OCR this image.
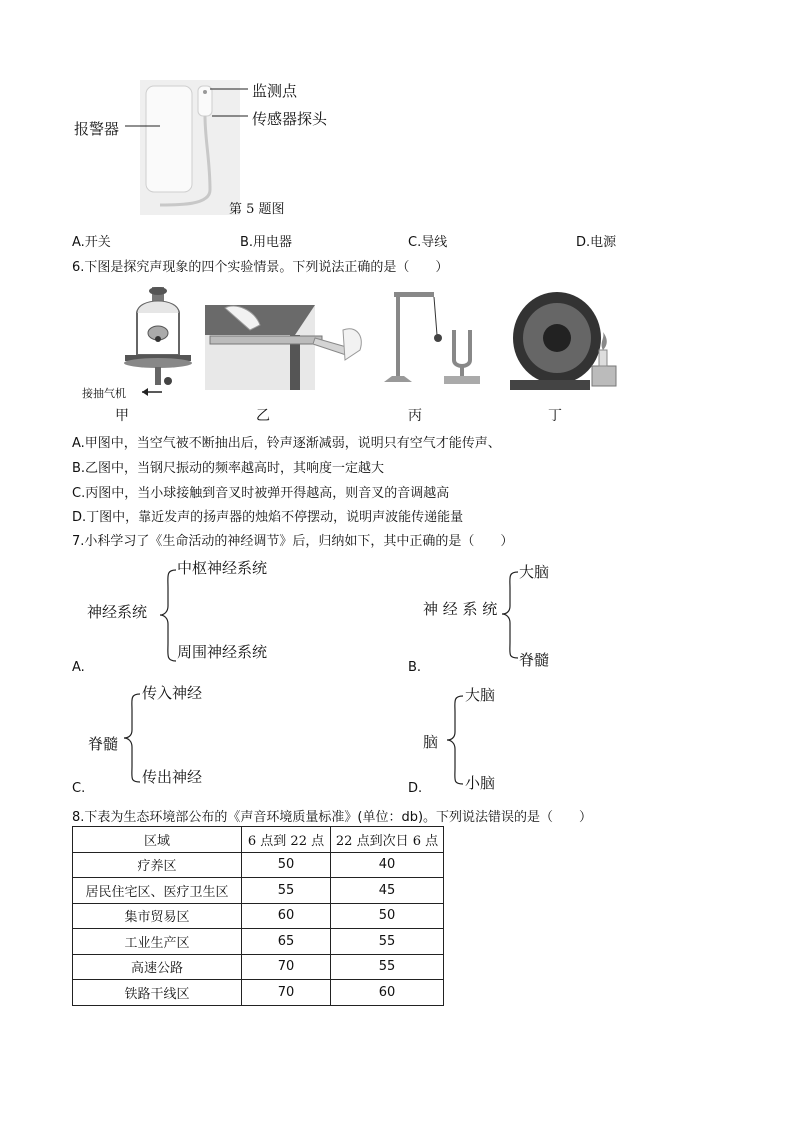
监测点
传感器探头
报警器
第 5 题图
A.开关	B.用电器	C.导线	D.电源
6.下图是探究声现象的四个实验情景。下列说法正确的是（　　）
接抽气机
甲	乙	丙	丁
A.甲图中，当空气被不断抽出后，铃声逐渐减弱，说明只有空气才能传声、
B.乙图中，当钢尺振动的频率越高时，其响度一定越大
C.丙图中，当小球接触到音叉时被弹开得越高，则音叉的音调越高
D.丁图中，靠近发声的扬声器的烛焰不停摆动，说明声波能传递能量
7.小科学习了《生命活动的神经调节》后，归纳如下，其中正确的是（　　）
中枢神经系统
神经系统
周围神经系统
A.
大脑
神 经 系 统
脊髓
B.
传入神经
脊髓
传出神经
C.
大脑
脑
小脑
D.
8.下表为生态环境部公布的《声音环境质量标准》(单位：db)。下列说法错误的是（　　）
区域	6 点到 22 点	22 点到次日 6 点
疗养区	50	40
居民住宅区、医疗卫生区	55	45
集市贸易区	60	50
工业生产区	65	55
高速公路	70	55
铁路干线区	70	60
